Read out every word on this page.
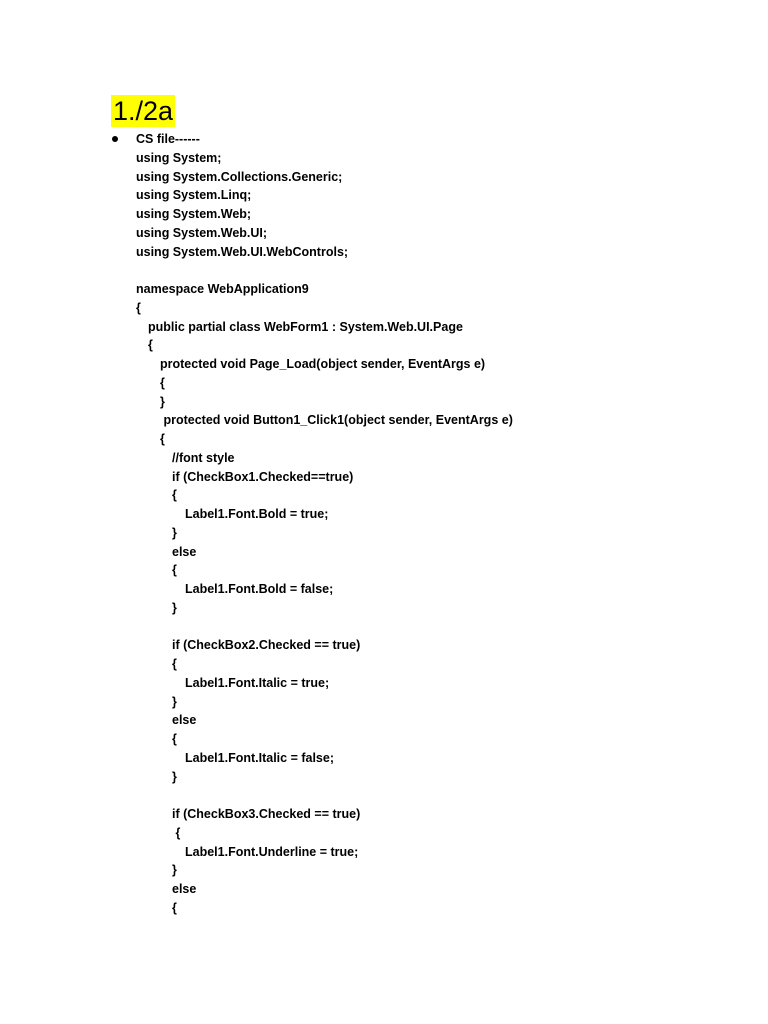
1./2a
CS file------
using System;
using System.Collections.Generic;
using System.Linq;
using System.Web;
using System.Web.UI;
using System.Web.UI.WebControls;
namespace WebApplication9
{
public partial class WebForm1 : System.Web.UI.Page
{
protected void Page_Load(object sender, EventArgs e)
{
}
protected void Button1_Click1(object sender, EventArgs e)
{
//font style
if (CheckBox1.Checked==true)
{
Label1.Font.Bold = true;
}
else
{
Label1.Font.Bold = false;
}
if (CheckBox2.Checked == true)
{
Label1.Font.Italic = true;
}
else
{
Label1.Font.Italic = false;
}
if (CheckBox3.Checked == true)
{
Label1.Font.Underline = true;
}
else
{
